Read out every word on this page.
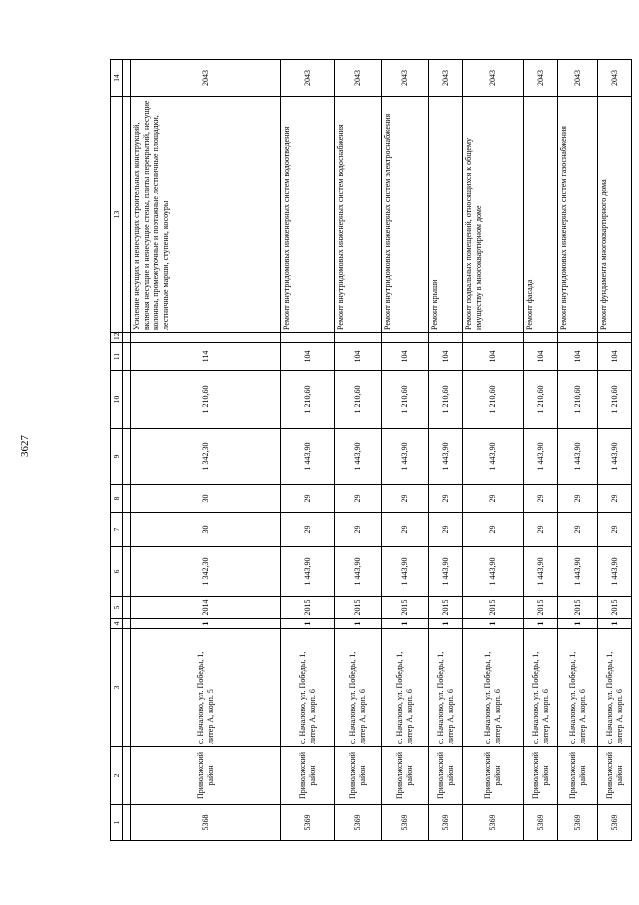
3627
1	2	3	4	5	6	7	8	9	10	11	12	13	14

5368	Приволжский район	с. Началово, ул. Победы, 1, литер А, корп. 5	1	2014	1 342,30	30	30	1 342,30	1 210,60	114		Усиление несущих и ненесущих строительных конструкций, включая несущие и ненесущие стены, плиты перекрытий, несущие колонны, промежуточные и поэтажные лестничные площадки, лестничные марши, ступени, косоуры	2043
5369	Приволжский район	с. Началово, ул. Победы, 1, литер А, корп. 6	1	2015	1 443,90	29	29	1 443,90	1 210,60	104		Ремонт внутридомовых инженерных систем водоотведения	2043
5369	Приволжский район	с. Началово, ул. Победы, 1, литер А, корп. 6	1	2015	1 443,90	29	29	1 443,90	1 210,60	104		Ремонт внутридомовых инженерных систем водоснабжения	2043
5369	Приволжский район	с. Началово, ул. Победы, 1, литер А, корп. 6	1	2015	1 443,90	29	29	1 443,90	1 210,60	104		Ремонт внутридомовых инженерных систем электроснабжения	2043
5369	Приволжский район	с. Началово, ул. Победы, 1, литер А, корп. 6	1	2015	1 443,90	29	29	1 443,90	1 210,60	104		Ремонт крыши	2043
5369	Приволжский район	с. Началово, ул. Победы, 1, литер А, корп. 6	1	2015	1 443,90	29	29	1 443,90	1 210,60	104		Ремонт подвальных помещений, относящихся к общему имуществу в многоквартирном доме	2043
5369	Приволжский район	с. Началово, ул. Победы, 1, литер А, корп. 6	1	2015	1 443,90	29	29	1 443,90	1 210,60	104		Ремонт фасада	2043
5369	Приволжский район	с. Началово, ул. Победы, 1, литер А, корп. 6	1	2015	1 443,90	29	29	1 443,90	1 210,60	104		Ремонт внутридомовых инженерных систем газоснабжения	2043
5369	Приволжский район	с. Началово, ул. Победы, 1, литер А, корп. 6	1	2015	1 443,90	29	29	1 443,90	1 210,60	104		Ремонт фундамента многоквартирного дома	2043
